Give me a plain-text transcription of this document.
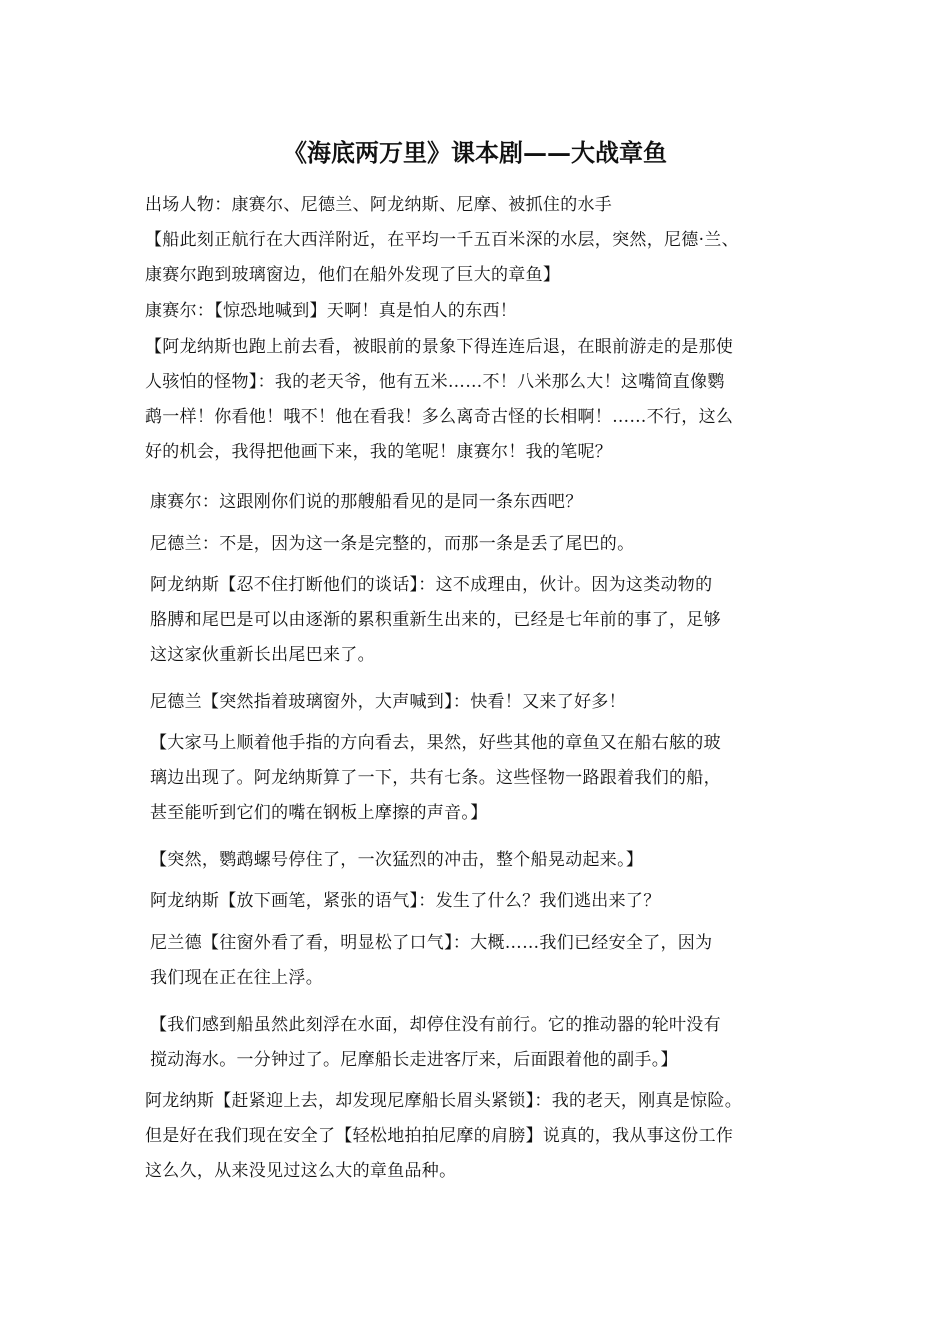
《海底两万里》课本剧——大战章鱼
出场人物：康赛尔、尼德兰、阿龙纳斯、尼摩、被抓住的水手
【船此刻正航行在大西洋附近，在平均一千五百米深的水层，突然，尼德·兰、
康赛尔跑到玻璃窗边，他们在船外发现了巨大的章鱼】
康赛尔：【惊恐地喊到】天啊！真是怕人的东西！
【阿龙纳斯也跑上前去看，被眼前的景象下得连连后退，在眼前游走的是那使
人骇怕的怪物】：我的老天爷，他有五米……不！八米那么大！这嘴简直像鹦
鹉一样！你看他！哦不！他在看我！多么离奇古怪的长相啊！……不行，这么
好的机会，我得把他画下来，我的笔呢！康赛尔！我的笔呢？
康赛尔：这跟刚你们说的那艘船看见的是同一条东西吧？
尼德兰：不是，因为这一条是完整的，而那一条是丢了尾巴的。
阿龙纳斯【忍不住打断他们的谈话】：这不成理由，伙计。因为这类动物的
胳膊和尾巴是可以由逐渐的累积重新生出来的，已经是七年前的事了，足够
这这家伙重新长出尾巴来了。
尼德兰【突然指着玻璃窗外，大声喊到】：快看！又来了好多！
【大家马上顺着他手指的方向看去，果然，好些其他的章鱼又在船右舷的玻
璃边出现了。阿龙纳斯算了一下，共有七条。这些怪物一路跟着我们的船，
甚至能听到它们的嘴在钢板上摩擦的声音。】
【突然，鹦鹉螺号停住了，一次猛烈的冲击，整个船晃动起来。】
阿龙纳斯【放下画笔，紧张的语气】：发生了什么？我们逃出来了？
尼兰德【往窗外看了看，明显松了口气】：大概……我们已经安全了，因为
我们现在正在往上浮。
【我们感到船虽然此刻浮在水面，却停住没有前行。它的推动器的轮叶没有
搅动海水。一分钟过了。尼摩船长走进客厅来，后面跟着他的副手。】
阿龙纳斯【赶紧迎上去，却发现尼摩船长眉头紧锁】：我的老天，刚真是惊险。
但是好在我们现在安全了【轻松地拍拍尼摩的肩膀】说真的，我从事这份工作
这么久，从来没见过这么大的章鱼品种。
